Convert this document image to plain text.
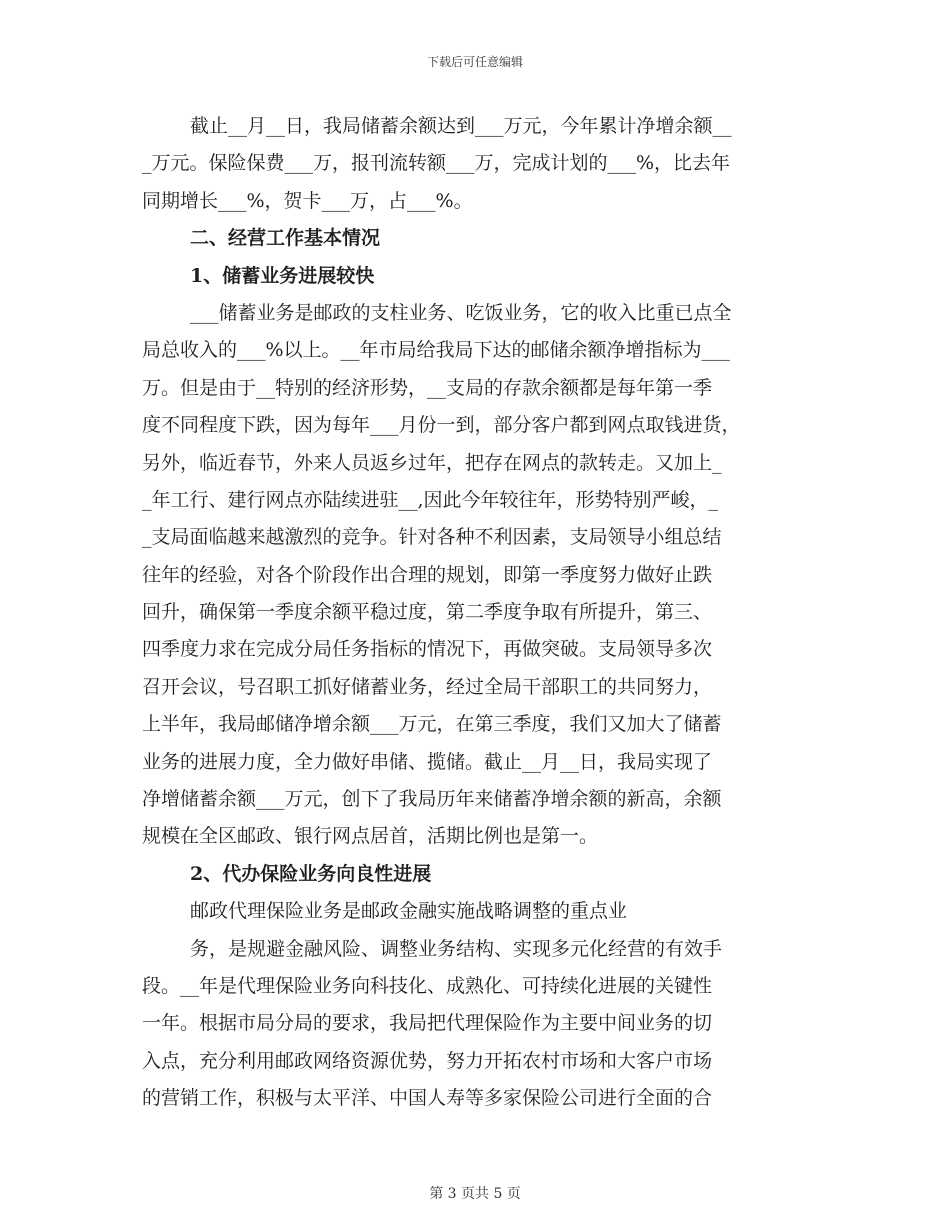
下载后可任意编辑
截止__月__日，我局储蓄余额达到___万元，今年累计净增余额__
_万元。保险保费___万，报刊流转额___万，完成计划的___%，比去年
同期增长___%，贺卡___万，占___%。
二、经营工作基本情况
1、储蓄业务进展较快
___储蓄业务是邮政的支柱业务、吃饭业务，它的收入比重已点全
局总收入的___%以上。__年市局给我局下达的邮储余额净增指标为___
万。但是由于__特别的经济形势，__支局的存款余额都是每年第一季
度不同程度下跌，因为每年___月份一到，部分客户都到网点取钱进货，
另外，临近春节，外来人员返乡过年，把存在网点的款转走。又加上_
_年工行、建行网点亦陆续进驻__,因此今年较往年，形势特别严峻，_
_支局面临越来越激烈的竞争。针对各种不利因素，支局领导小组总结
往年的经验，对各个阶段作出合理的规划，即第一季度努力做好止跌
回升，确保第一季度余额平稳过度，第二季度争取有所提升，第三、
四季度力求在完成分局任务指标的情况下，再做突破。支局领导多次
召开会议，号召职工抓好储蓄业务，经过全局干部职工的共同努力，
上半年，我局邮储净增余额___万元，在第三季度，我们又加大了储蓄
业务的进展力度，全力做好串储、揽储。截止__月__日，我局实现了
净增储蓄余额___万元，创下了我局历年来储蓄净增余额的新高，余额
规模在全区邮政、银行网点居首，活期比例也是第一。
2、代办保险业务向良性进展
邮政代理保险业务是邮政金融实施战略调整的重点业
务，是规避金融风险、调整业务结构、实现多元化经营的有效手
段。__年是代理保险业务向科技化、成熟化、可持续化进展的关键性
一年。根据市局分局的要求，我局把代理保险作为主要中间业务的切
入点，充分利用邮政网络资源优势，努力开拓农村市场和大客户市场
的营销工作，积极与太平洋、中国人寿等多家保险公司进行全面的合
第 3 页共 5 页
